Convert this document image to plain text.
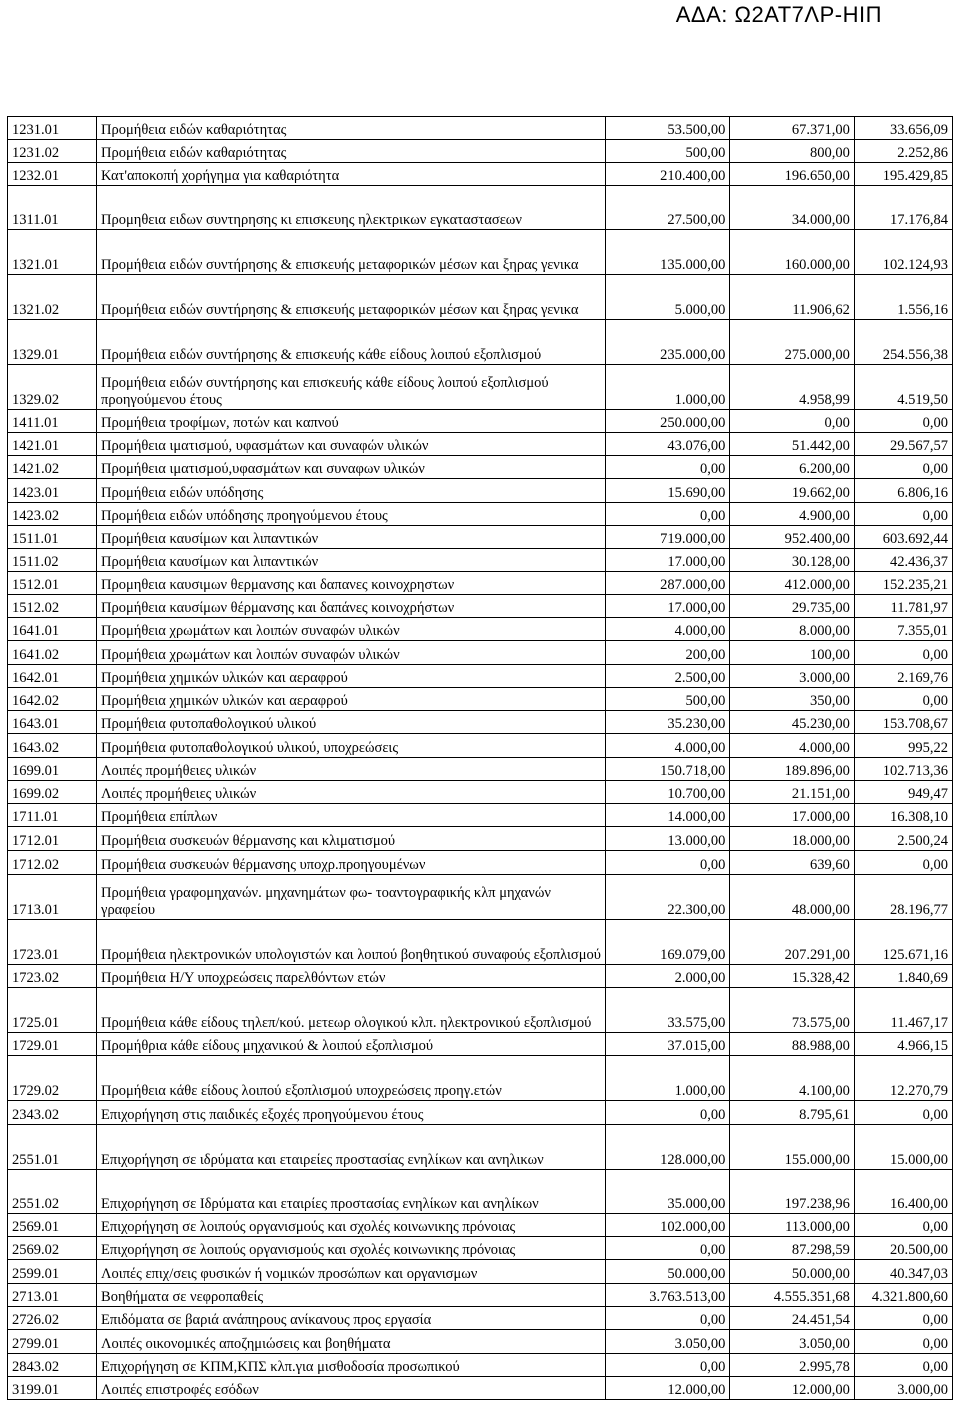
ΑΔΑ: Ω2ΑΤ7ΛΡ-ΗΙΠ
1231.01	Προμήθεια ειδών καθαριότητας	53.500,00	67.371,00	33.656,09
1231.02	Προμήθεια ειδών καθαριότητας	500,00	800,00	2.252,86
1232.01	Κατ'αποκοπή χορήγημα για καθαριότητα	210.400,00	196.650,00	195.429,85
1311.01	Προμηθεια ειδων συντηρησης κι επισκευης ηλεκτρικων εγκαταστασεων	27.500,00	34.000,00	17.176,84
1321.01	Προμήθεια ειδών συντήρησης & επισκευής μεταφορικών μέσων και ξηρας γενικα	135.000,00	160.000,00	102.124,93
1321.02	Προμήθεια ειδών συντήρησης & επισκευής μεταφορικών μέσων και ξηρας γενικα	5.000,00	11.906,62	1.556,16
1329.01	Προμήθεια ειδών συντήρησης & επισκευής κάθε είδους λοιπού εξοπλισμού	235.000,00	275.000,00	254.556,38
1329.02	Προμήθεια ειδών συντήρησης και επισκευής κάθε είδους λοιπού εξοπλισμού προηγούμενου έτους	1.000,00	4.958,99	4.519,50
1411.01	Προμήθεια τροφίμων, ποτών και καπνού	250.000,00	0,00	0,00
1421.01	Προμήθεια ιματισμού, υφασμάτων και συναφών υλικών	43.076,00	51.442,00	29.567,57
1421.02	Προμήθεια ιματισμού,υφασμάτων και συναφων υλικών	0,00	6.200,00	0,00
1423.01	Προμήθεια ειδών υπόδησης	15.690,00	19.662,00	6.806,16
1423.02	Προμήθεια ειδών υπόδησης προηγούμενου έτους	0,00	4.900,00	0,00
1511.01	Προμήθεια καυσίμων και λιπαντικών	719.000,00	952.400,00	603.692,44
1511.02	Προμήθεια καυσίμων και λιπαντικών	17.000,00	30.128,00	42.436,37
1512.01	Προμηθεια καυσιμων θερμανσης και δαπανες κοινοχρηστων	287.000,00	412.000,00	152.235,21
1512.02	Προμήθεια καυσίμων θέρμανσης και δαπάνες κοινοχρήστων	17.000,00	29.735,00	11.781,97
1641.01	Προμήθεια χρωμάτων και λοιπών συναφών υλικών	4.000,00	8.000,00	7.355,01
1641.02	Προμήθεια χρωμάτων και λοιπών συναφών υλικών	200,00	100,00	0,00
1642.01	Προμήθεια χημικών υλικών και αεραφρού	2.500,00	3.000,00	2.169,76
1642.02	Προμήθεια χημικών υλικών και αεραφρού	500,00	350,00	0,00
1643.01	Προμήθεια φυτοπαθολογικού υλικού	35.230,00	45.230,00	153.708,67
1643.02	Προμήθεια φυτοπαθολογικού υλικού, υποχρεώσεις	4.000,00	4.000,00	995,22
1699.01	Λοιπές προμήθειες υλικών	150.718,00	189.896,00	102.713,36
1699.02	Λοιπές προμήθειες υλικών	10.700,00	21.151,00	949,47
1711.01	Προμήθεια επίπλων	14.000,00	17.000,00	16.308,10
1712.01	Προμήθεια συσκευών θέρμανσης και κλιματισμού	13.000,00	18.000,00	2.500,24
1712.02	Προμήθεια συσκευών θέρμανσης υποχρ.προηγουμένων	0,00	639,60	0,00
1713.01	Προμήθεια γραφομηχανών. μηχανημάτων φω- τοαντογραφικής κλπ μηχανών γραφείου	22.300,00	48.000,00	28.196,77
1723.01	Προμήθεια ηλεκτρονικών υπολογιστών και λοιπού βοηθητικού συναφούς εξοπλισμού	169.079,00	207.291,00	125.671,16
1723.02	Προμήθεια Η/Υ υποχρεώσεις παρελθόντων ετών	2.000,00	15.328,42	1.840,69
1725.01	Προμήθεια κάθε είδους τηλεπ/κού. μετεωρ ολογικού κλπ. ηλεκτρονικού εξοπλισμού	33.575,00	73.575,00	11.467,17
1729.01	Προμήθρια κάθε είδους μηχανικού & λοιπού εξοπλισμού	37.015,00	88.988,00	4.966,15
1729.02	Προμήθεια κάθε είδους λοιπού εξοπλισμού υποχρεώσεις προηγ.ετών	1.000,00	4.100,00	12.270,79
2343.02	Επιχορήγηση στις παιδικές εξοχές προηγούμενου έτους	0,00	8.795,61	0,00
2551.01	Επιχορήγηση σε ιδρύματα και εταιρείες προστασίας ενηλίκων και ανηλικων	128.000,00	155.000,00	15.000,00
2551.02	Επιχορήγηση σε Ιδρύματα και εταιρίες προστασίας ενηλίκων και ανηλίκων	35.000,00	197.238,96	16.400,00
2569.01	Επιχορήγηση σε λοιπούς οργανισμούς και σχολές κοινωνικης πρόνοιας	102.000,00	113.000,00	0,00
2569.02	Επιχορήγηση σε λοιπούς οργανισμούς και σχολές κοινωνικης πρόνοιας	0,00	87.298,59	20.500,00
2599.01	Λοιπές επιχ/σεις φυσικών ή νομικών προσώπων και οργανισμων	50.000,00	50.000,00	40.347,03
2713.01	Βοηθήματα σε νεφροπαθείς	3.763.513,00	4.555.351,68	4.321.800,60
2726.02	Επιδόματα σε βαριά ανάπηρους ανίκανους προς εργασία	0,00	24.451,54	0,00
2799.01	Λοιπές οικονομικές αποζημιώσεις και βοηθήματα	3.050,00	3.050,00	0,00
2843.02	Επιχορήγηση σε ΚΠΜ,ΚΠΣ κλπ.για μισθοδοσία προσωπικού	0,00	2.995,78	0,00
3199.01	Λοιπές επιστροφές εσόδων	12.000,00	12.000,00	3.000,00
